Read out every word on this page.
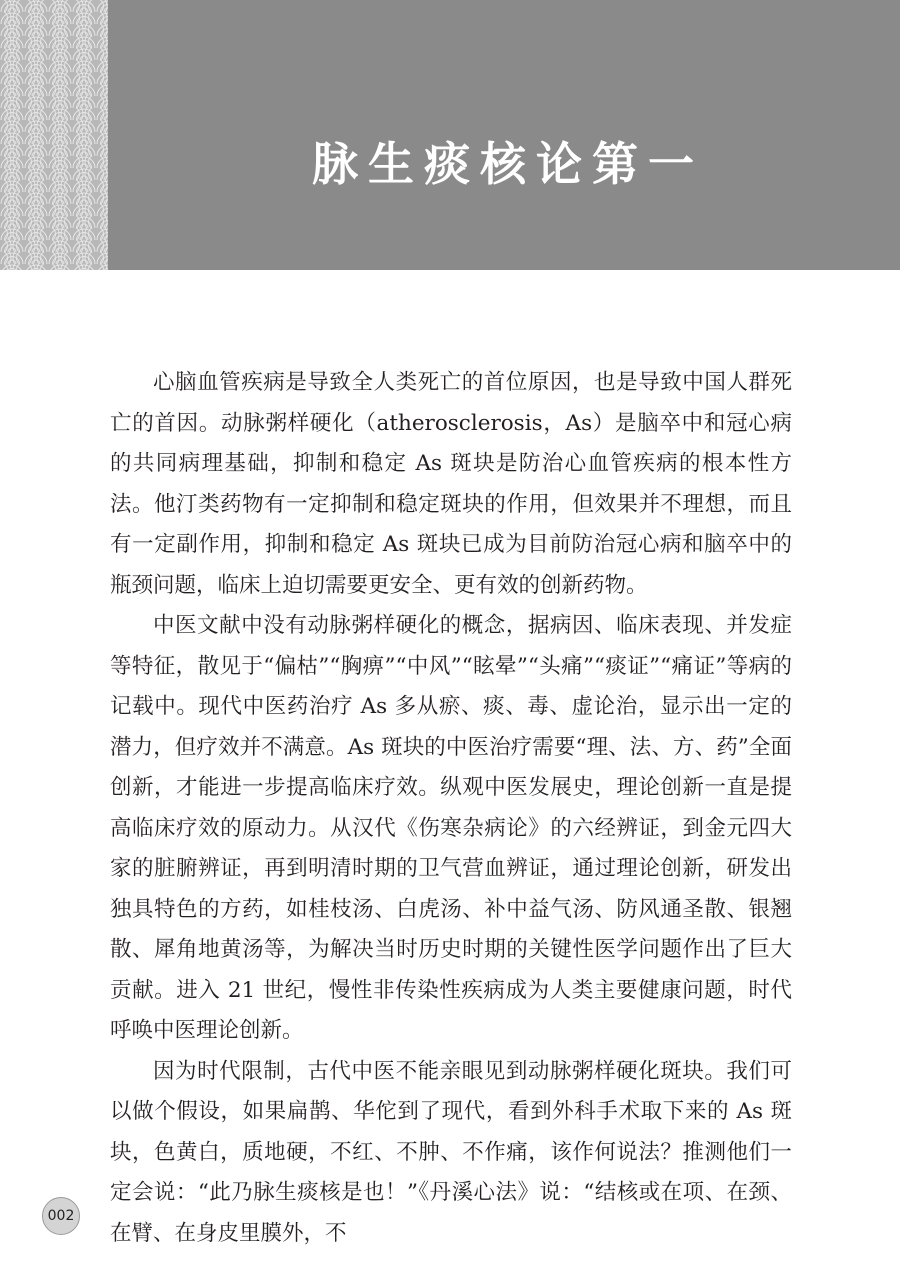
脉生痰核论第一

心脑血管疾病是导致全人类死亡的首位原因，也是导致中国人群死亡的首因。动脉粥样硬化（atherosclerosis，As）是脑卒中和冠心病的共同病理基础，抑制和稳定 As 斑块是防治心血管疾病的根本性方法。他汀类药物有一定抑制和稳定斑块的作用，但效果并不理想，而且有一定副作用，抑制和稳定 As 斑块已成为目前防治冠心病和脑卒中的瓶颈问题，临床上迫切需要更安全、更有效的创新药物。

中医文献中没有动脉粥样硬化的概念，据病因、临床表现、并发症等特征，散见于“偏枯”“胸痹”“中风”“眩晕”“头痛”“痰证”“痛证”等病的记载中。现代中医药治疗 As 多从瘀、痰、毒、虚论治，显示出一定的潜力，但疗效并不满意。As 斑块的中医治疗需要“理、法、方、药”全面创新，才能进一步提高临床疗效。纵观中医发展史，理论创新一直是提高临床疗效的原动力。从汉代《伤寒杂病论》的六经辨证，到金元四大家的脏腑辨证，再到明清时期的卫气营血辨证，通过理论创新，研发出独具特色的方药，如桂枝汤、白虎汤、补中益气汤、防风通圣散、银翘散、犀角地黄汤等，为解决当时历史时期的关键性医学问题作出了巨大贡献。进入 21 世纪，慢性非传染性疾病成为人类主要健康问题，时代呼唤中医理论创新。

因为时代限制，古代中医不能亲眼见到动脉粥样硬化斑块。我们可以做个假设，如果扁鹊、华佗到了现代，看到外科手术取下来的 As 斑块，色黄白，质地硬，不红、不肿、不作痛，该作何说法？推测他们一定会说：“此乃脉生痰核是也！”《丹溪心法》说：“结核或在项、在颈、在臂、在身皮里膜外，不

002
